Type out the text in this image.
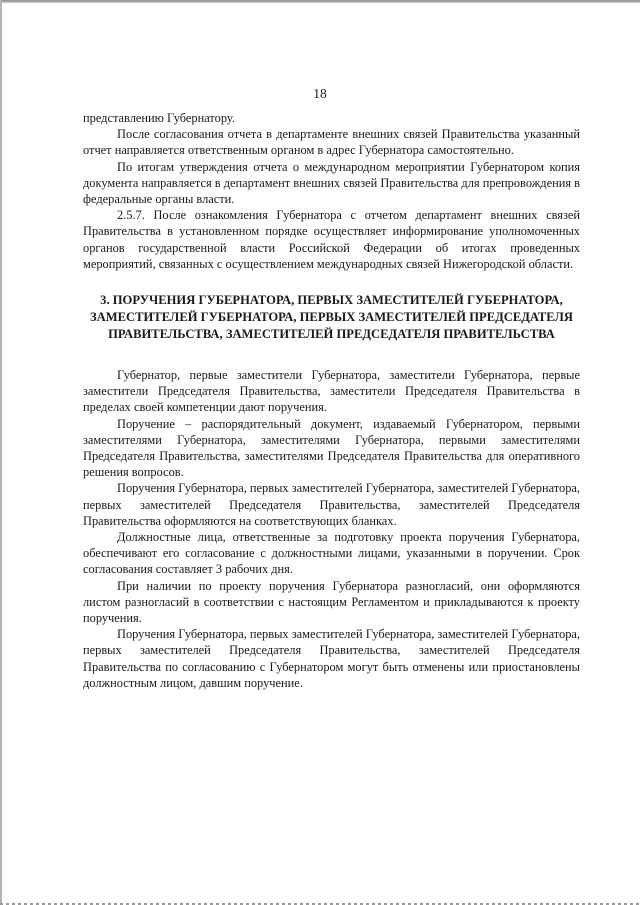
18

представлению Губернатору.

После согласования отчета в департаменте внешних связей Правительства указанный отчет направляется ответственным органом в адрес Губернатора самостоятельно.

По итогам утверждения отчета о международном мероприятии Губернатором копия документа направляется в департамент внешних связей Правительства для препровождения в федеральные органы власти.

2.5.7. После ознакомления Губернатора с отчетом департамент внешних связей Правительства в установленном порядке осуществляет информирование уполномоченных органов государственной власти Российской Федерации об итогах проведенных мероприятий, связанных с осуществлением международных связей Нижегородской области.

3. ПОРУЧЕНИЯ ГУБЕРНАТОРА, ПЕРВЫХ ЗАМЕСТИТЕЛЕЙ ГУБЕРНАТОРА, ЗАМЕСТИТЕЛЕЙ ГУБЕРНАТОРА, ПЕРВЫХ ЗАМЕСТИТЕЛЕЙ ПРЕДСЕДАТЕЛЯ ПРАВИТЕЛЬСТВА, ЗАМЕСТИТЕЛЕЙ ПРЕДСЕДАТЕЛЯ ПРАВИТЕЛЬСТВА

Губернатор, первые заместители Губернатора, заместители Губернатора, первые заместители Председателя Правительства, заместители Председателя Правительства в пределах своей компетенции дают поручения.

Поручение – распорядительный документ, издаваемый Губернатором, первыми заместителями Губернатора, заместителями Губернатора, первыми заместителями Председателя Правительства, заместителями Председателя Правительства для оперативного решения вопросов.

Поручения Губернатора, первых заместителей Губернатора, заместителей Губернатора, первых заместителей Председателя Правительства, заместителей Председателя Правительства оформляются на соответствующих бланках.

Должностные лица, ответственные за подготовку проекта поручения Губернатора, обеспечивают его согласование с должностными лицами, указанными в поручении. Срок согласования составляет 3 рабочих дня.

При наличии по проекту поручения Губернатора разногласий, они оформляются листом разногласий в соответствии с настоящим Регламентом и прикладываются к проекту поручения.

Поручения Губернатора, первых заместителей Губернатора, заместителей Губернатора, первых заместителей Председателя Правительства, заместителей Председателя Правительства по согласованию с Губернатором могут быть отменены или приостановлены должностным лицом, давшим поручение.
